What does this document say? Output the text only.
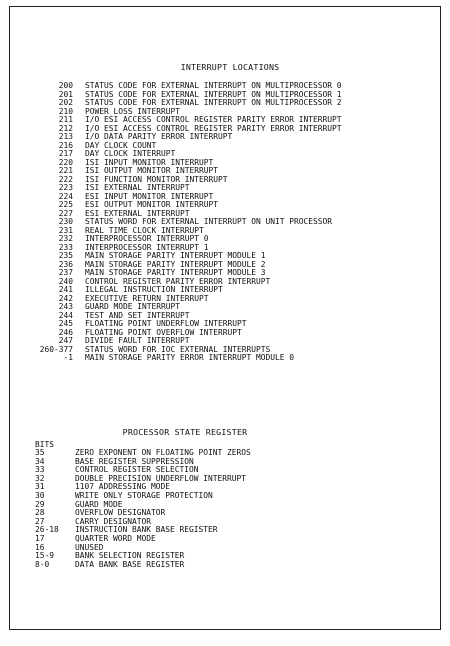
INTERRUPT LOCATIONS
200 STATUS CODE FOR EXTERNAL INTERRUPT ON MULTIPROCESSOR 0
201 STATUS CODE FOR EXTERNAL INTERRUPT ON MULTIPROCESSOR 1
202 STATUS CODE FOR EXTERNAL INTERRUPT ON MULTIPROCESSOR 2
210 POWER LOSS INTERRUPT
211 I/O ESI ACCESS CONTROL REGISTER PARITY ERROR INTERRUPT
212 I/O ESI ACCESS CONTROL REGISTER PARITY ERROR INTERRUPT
213 I/O DATA PARITY ERROR INTERRUPT
216 DAY CLOCK COUNT
217 DAY CLOCK INTERRUPT
220 ISI INPUT MONITOR INTERRUPT
221 ISI OUTPUT MONITOR INTERRUPT
222 ISI FUNCTION MONITOR INTERRUPT
223 ISI EXTERNAL INTERRUPT
224 ESI INPUT MONITOR INTERRUPT
225 ESI OUTPUT MONITOR INTERRUPT
227 ESI EXTERNAL INTERRUPT
230 STATUS WORD FOR EXTERNAL INTERRUPT ON UNIT PROCESSOR
231 REAL TIME CLOCK INTERRUPT
232 INTERPROCESSOR INTERRUPT 0
233 INTERPROCESSOR INTERRUPT 1
235 MAIN STORAGE PARITY INTERRUPT MODULE 1
236 MAIN STORAGE PARITY INTERRUPT MODULE 2
237 MAIN STORAGE PARITY INTERRUPT MODULE 3
240 CONTROL REGISTER PARITY ERROR INTERRUPT
241 ILLEGAL INSTRUCTION INTERRUPT
242 EXECUTIVE RETURN INTERRUPT
243 GUARD MODE INTERRUPT
244 TEST AND SET INTERRUPT
245 FLOATING POINT UNDERFLOW INTERRUPT
246 FLOATING POINT OVERFLOW INTERRUPT
247 DIVIDE FAULT INTERRUPT
260-377 STATUS WORD FOR IOC EXTERNAL INTERRUPTS
-1 MAIN STORAGE PARITY ERROR INTERRUPT MODULE 0
PROCESSOR STATE REGISTER
BITS
35	ZERO EXPONENT ON FLOATING POINT ZEROS
34	BASE REGISTER SUPPRESSION
33	CONTROL REGISTER SELECTION
32	DOUBLE PRECISION UNDERFLOW INTERRUPT
31	1107 ADDRESSING MODE
30	WRITE ONLY STORAGE PROTECTION
29	GUARD MODE
28	OVERFLOW DESIGNATOR
27	CARRY DESIGNATOR
26-18 INSTRUCTION BANK BASE REGISTER
17	QUARTER WORD MODE
16	UNUSED
15-9	BANK SELECTION REGISTER
8-0	DATA BANK BASE REGISTER
